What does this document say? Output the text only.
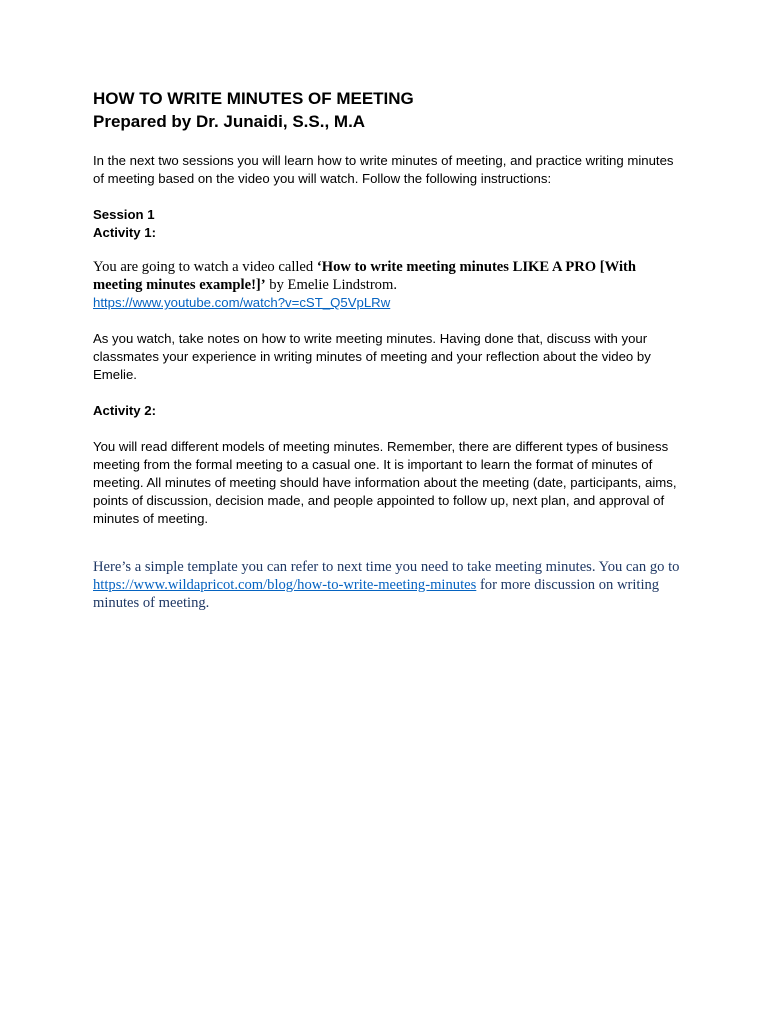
HOW TO WRITE MINUTES OF MEETING
Prepared by Dr. Junaidi, S.S., M.A

In the next two sessions you will learn how to write minutes of meeting, and practice writing minutes of meeting based on the video you will watch. Follow the following instructions:

Session 1

Activity 1:

You are going to watch a video called ‘How to write meeting minutes LIKE A PRO [With meeting minutes example!]’ by Emelie Lindstrom.

https://www.youtube.com/watch?v=cST_Q5VpLRw

As you watch, take notes on how to write meeting minutes. Having done that, discuss with your classmates your experience in writing minutes of meeting and your reflection about the video by Emelie.

Activity 2:

You will read different models of meeting minutes. Remember, there are different types of business meeting from the formal meeting to a casual one. It is important to learn the format of minutes of meeting. All minutes of meeting should have information about the meeting (date, participants, aims, points of discussion, decision made, and people appointed to follow up, next plan, and approval of minutes of meeting.

Here’s a simple template you can refer to next time you need to take meeting minutes. You can go to https://www.wildapricot.com/blog/how-to-write-meeting-minutes for more discussion on writing minutes of meeting.
